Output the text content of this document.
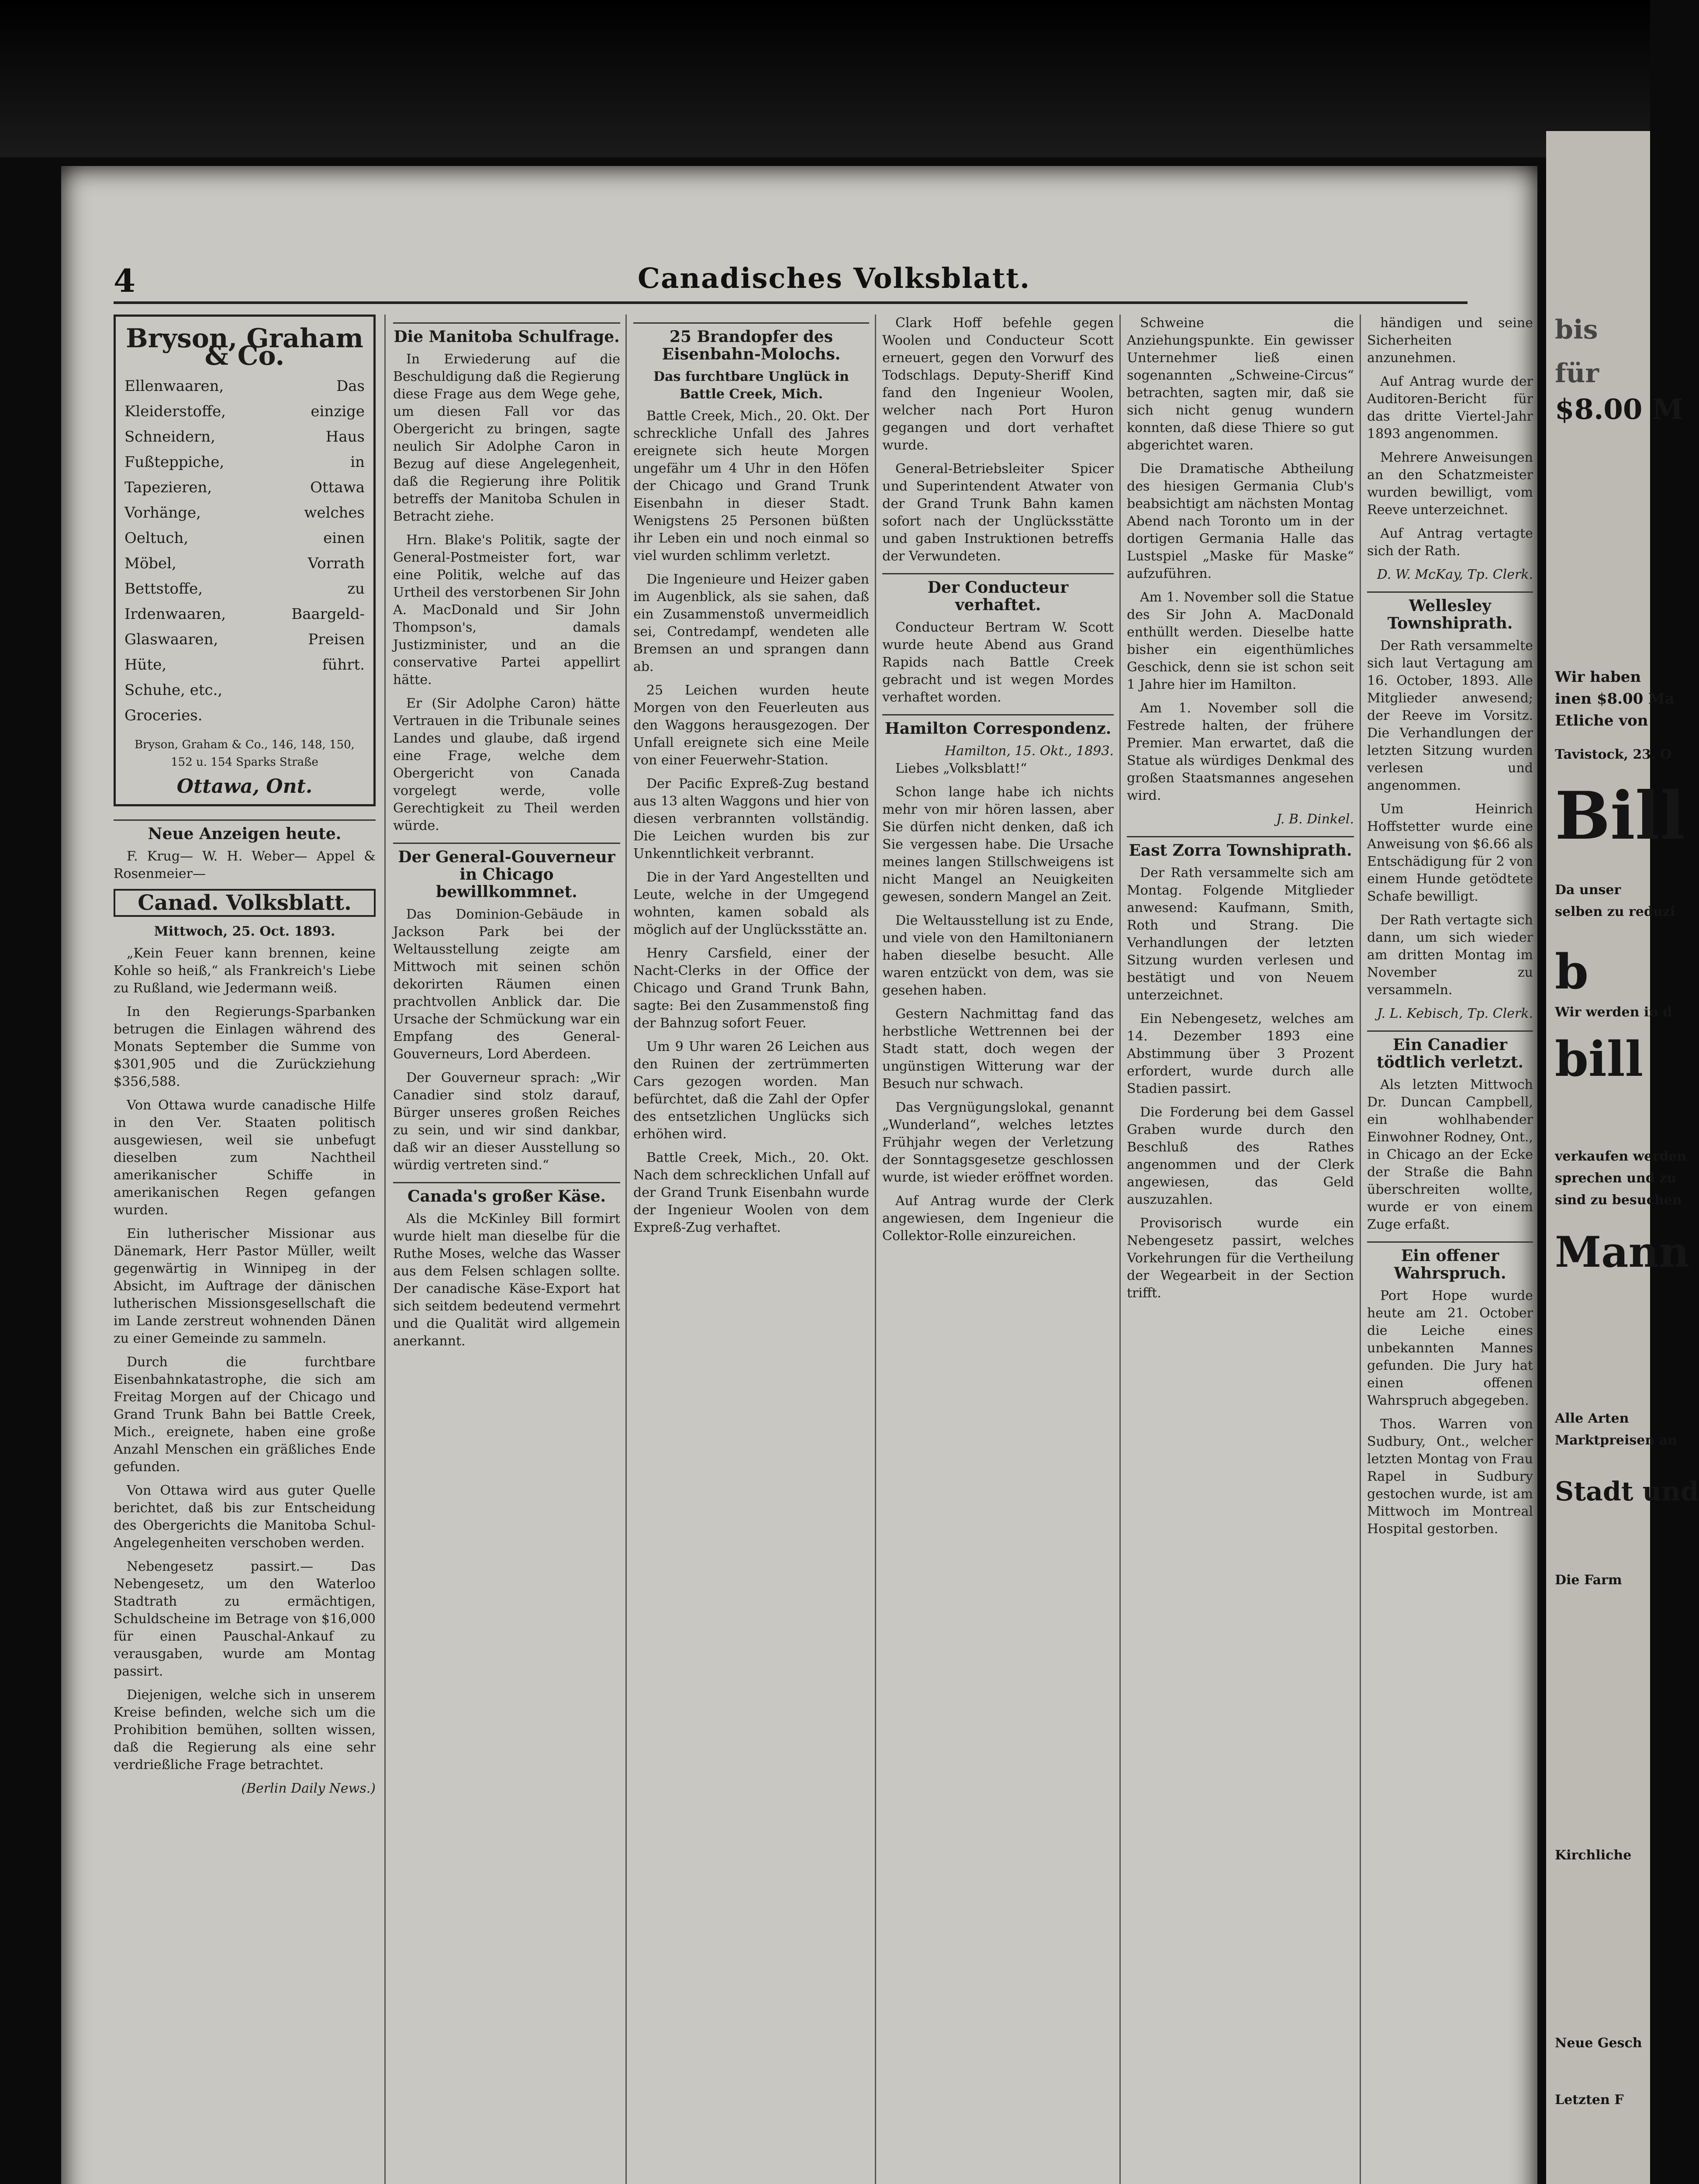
4	Canadisches Volksblatt.
Bryson, Graham & Co.
Ellenwaaren,	Das
Kleiderstoffe,	einzige
Schneidern,	Haus
Fußteppiche,	in
Tapezieren,	Ottawa
Vorhänge,	welches
Oeltuch,	einen
Möbel,	Vorrath
Bettstoffe,	zu
Irdenwaaren,	Baargeld-
Glaswaaren,	Preisen
Hüte,	führt.
Schuhe, etc.,
Groceries.
Bryson, Graham & Co., 146, 148, 150, 152 u. 154 Sparks Straße
Ottawa, Ont.
Neue Anzeigen heute.

F. Krug— W. H. Weber— Appel & Rosenmeier—

Canad. Volksblatt.
Mittwoch, 25. Oct. 1893.

„Kein Feuer kann brennen, keine Kohle so heiß,“ als Frankreich's Liebe zu Rußland, wie Jedermann weiß.

In den Regierungs-Sparbanken betrugen die Einlagen während des Monats September die Summe von $301,905 und die Zurückziehung $356,588.

Von Ottawa wurde canadische Hilfe in den Ver. Staaten politisch ausgewiesen, weil sie unbefugt dieselben zum Nachtheil amerikanischer Schiffe in amerikanischen Regen gefangen wurden.

Ein lutherischer Missionar aus Dänemark, Herr Pastor Müller, weilt gegenwärtig in Winnipeg in der Absicht, im Auftrage der dänischen lutherischen Missionsgesellschaft die im Lande zerstreut wohnenden Dänen zu einer Gemeinde zu sammeln.

Durch die furchtbare Eisenbahnkatastrophe, die sich am Freitag Morgen auf der Chicago und Grand Trunk Bahn bei Battle Creek, Mich., ereignete, haben eine große Anzahl Menschen ein gräßliches Ende gefunden.

Von Ottawa wird aus guter Quelle berichtet, daß bis zur Entscheidung des Obergerichts die Manitoba Schul-Angelegenheiten verschoben werden.

Nebengesetz passirt.— Das Nebengesetz, um den Waterloo Stadtrath zu ermächtigen, Schuldscheine im Betrage von $16,000 für einen Pauschal-Ankauf zu verausgaben, wurde am Montag passirt.

Diejenigen, welche sich in unserem Kreise befinden, welche sich um die Prohibition bemühen, sollten wissen, daß die Regierung als eine sehr verdrießliche Frage betrachtet.

(Berlin Daily News.)
Die Manitoba Schulfrage.

In Erwiederung auf die Beschuldigung daß die Regierung diese Frage aus dem Wege gehe, um diesen Fall vor das Obergericht zu bringen, sagte neulich Sir Adolphe Caron in Bezug auf diese Angelegenheit, daß die Regierung ihre Politik betreffs der Manitoba Schulen in Betracht ziehe.

Hrn. Blake's Politik, sagte der General-Postmeister fort, war eine Politik, welche auf das Urtheil des verstorbenen Sir John A. MacDonald und Sir John Thompson's, damals Justizminister, und an die conservative Partei appellirt hätte.

Er (Sir Adolphe Caron) hätte Vertrauen in die Tribunale seines Landes und glaube, daß irgend eine Frage, welche dem Obergericht von Canada vorgelegt werde, volle Gerechtigkeit zu Theil werden würde.

Der General-Gouverneur in Chicago bewillkommnet.

Das Dominion-Gebäude in Jackson Park bei der Weltausstellung zeigte am Mittwoch mit seinen schön dekorirten Räumen einen prachtvollen Anblick dar. Die Ursache der Schmückung war ein Empfang des General-Gouverneurs, Lord Aberdeen.

Der Gouverneur sprach: „Wir Canadier sind stolz darauf, Bürger unseres großen Reiches zu sein, und wir sind dankbar, daß wir an dieser Ausstellung so würdig vertreten sind.“

Canada's großer Käse.

Als die McKinley Bill formirt wurde hielt man dieselbe für die Ruthe Moses, welche das Wasser aus dem Felsen schlagen sollte. Der canadische Käse-Export hat sich seitdem bedeutend vermehrt und die Qualität wird allgemein anerkannt.

25 Brandopfer des Eisenbahn-Molochs.
Das furchtbare Unglück in Battle Creek, Mich.

Battle Creek, Mich., 20. Okt. Der schreckliche Unfall des Jahres ereignete sich heute Morgen ungefähr um 4 Uhr in den Höfen der Chicago und Grand Trunk Eisenbahn in dieser Stadt. Wenigstens 25 Personen büßten ihr Leben ein und noch einmal so viel wurden schlimm verletzt.

Die Ingenieure und Heizer gaben im Augenblick, als sie sahen, daß ein Zusammenstoß unvermeidlich sei, Contredampf, wendeten alle Bremsen an und sprangen dann ab.

25 Leichen wurden heute Morgen von den Feuerleuten aus den Waggons herausgezogen. Der Unfall ereignete sich eine Meile von einer Feuerwehr-Station.

Der Pacific Expreß-Zug bestand aus 13 alten Waggons und hier von diesen verbrannten vollständig. Die Leichen wurden bis zur Unkenntlichkeit verbrannt.

Die in der Yard Angestellten und Leute, welche in der Umgegend wohnten, kamen sobald als möglich auf der Unglücksstätte an.

Henry Carsfield, einer der Nacht-Clerks in der Office der Chicago und Grand Trunk Bahn, sagte: Bei den Zusammenstoß fing der Bahnzug sofort Feuer.

Um 9 Uhr waren 26 Leichen aus den Ruinen der zertrümmerten Cars gezogen worden. Man befürchtet, daß die Zahl der Opfer des entsetzlichen Unglücks sich erhöhen wird.

Battle Creek, Mich., 20. Okt. Nach dem schrecklichen Unfall auf der Grand Trunk Eisenbahn wurde der Ingenieur Woolen von dem Expreß-Zug verhaftet.

Clark Hoff befehle gegen Woolen und Conducteur Scott erneuert, gegen den Vorwurf des Todschlags. Deputy-Sheriff Kind fand den Ingenieur Woolen, welcher nach Port Huron gegangen und dort verhaftet wurde.

General-Betriebsleiter Spicer und Superintendent Atwater von der Grand Trunk Bahn kamen sofort nach der Unglücksstätte und gaben Instruktionen betreffs der Verwundeten.

Der Conducteur verhaftet.

Conducteur Bertram W. Scott wurde heute Abend aus Grand Rapids nach Battle Creek gebracht und ist wegen Mordes verhaftet worden.

Hamilton Correspondenz.
Hamilton, 15. Okt., 1893.

Liebes „Volksblatt!“

Schon lange habe ich nichts mehr von mir hören lassen, aber Sie dürfen nicht denken, daß ich Sie vergessen habe. Die Ursache meines langen Stillschweigens ist nicht Mangel an Neuigkeiten gewesen, sondern Mangel an Zeit.

Die Weltausstellung ist zu Ende, und viele von den Hamiltonianern haben dieselbe besucht. Alle waren entzückt von dem, was sie gesehen haben.

Gestern Nachmittag fand das herbstliche Wettrennen bei der Stadt statt, doch wegen der ungünstigen Witterung war der Besuch nur schwach.

Das Vergnügungslokal, genannt „Wunderland“, welches letztes Frühjahr wegen der Verletzung der Sonntagsgesetze geschlossen wurde, ist wieder eröffnet worden.

Auf Antrag wurde der Clerk angewiesen, dem Ingenieur die Collektor-Rolle einzureichen.

Schweine die Anziehungspunkte. Ein gewisser Unternehmer ließ einen sogenannten „Schweine-Circus“ betrachten, sagten mir, daß sie sich nicht genug wundern konnten, daß diese Thiere so gut abgerichtet waren.

Die Dramatische Abtheilung des hiesigen Germania Club's beabsichtigt am nächsten Montag Abend nach Toronto um in der dortigen Germania Halle das Lustspiel „Maske für Maske“ aufzuführen.

Am 1. November soll die Statue des Sir John A. MacDonald enthüllt werden. Dieselbe hatte bisher ein eigenthümliches Geschick, denn sie ist schon seit 1 Jahre hier im Hamilton.

Am 1. November soll die Festrede halten, der frühere Premier. Man erwartet, daß die Statue als würdiges Denkmal des großen Staatsmannes angesehen wird.

J. B. Dinkel.
East Zorra Townshiprath.

Der Rath versammelte sich am Montag. Folgende Mitglieder anwesend: Kaufmann, Smith, Roth und Strang. Die Verhandlungen der letzten Sitzung wurden verlesen und bestätigt und von Neuem unterzeichnet.

Ein Nebengesetz, welches am 14. Dezember 1893 eine Abstimmung über 3 Prozent erfordert, wurde durch alle Stadien passirt.

Die Forderung bei dem Gassel Graben wurde durch den Beschluß des Rathes angenommen und der Clerk angewiesen, das Geld auszuzahlen.

Provisorisch wurde ein Nebengesetz passirt, welches Vorkehrungen für die Vertheilung der Wegearbeit in der Section trifft.

händigen und seine Sicherheiten anzunehmen.

Auf Antrag wurde der Auditoren-Bericht für das dritte Viertel-Jahr 1893 angenommen.

Mehrere Anweisungen an den Schatzmeister wurden bewilligt, vom Reeve unterzeichnet.

Auf Antrag vertagte sich der Rath.

D. W. McKay, Tp. Clerk.
Wellesley Townshiprath.

Der Rath versammelte sich laut Vertagung am 16. October, 1893. Alle Mitglieder anwesend; der Reeve im Vorsitz. Die Verhandlungen der letzten Sitzung wurden verlesen und angenommen.

Um Heinrich Hoffstetter wurde eine Anweisung von $6.66 als Entschädigung für 2 von einem Hunde getödtete Schafe bewilligt.

Der Rath vertagte sich dann, um sich wieder am dritten Montag im November zu versammeln.

J. L. Kebisch, Tp. Clerk.
Ein Canadier tödtlich verletzt.

Als letzten Mittwoch Dr. Duncan Campbell, ein wohlhabender Einwohner Rodney, Ont., in Chicago an der Ecke der Straße die Bahn überschreiten wollte, wurde er von einem Zuge erfaßt.

Ein offener Wahrspruch.

Port Hope wurde heute am 21. October die Leiche eines unbekannten Mannes gefunden. Die Jury hat einen offenen Wahrspruch abgegeben.

Thos. Warren von Sudbury, Ont., welcher letzten Montag von Frau Rapel in Sudbury gestochen wurde, ist am Mittwoch im Montreal Hospital gestorben.

bis
für
$8.00 M
Wir haben
inen $8.00 Ma
Etliche von
Tavistock, 23. O
Bill
Da unser
selben zu reduzi
b
Wir werden in d
bill
verkaufen werden
sprechen und zu
sind zu besuchen
Mann
Alle Arten
Marktpreisen an
Stadt und
Die Farm
Kirchliche
Neue Gesch
Letzten F
